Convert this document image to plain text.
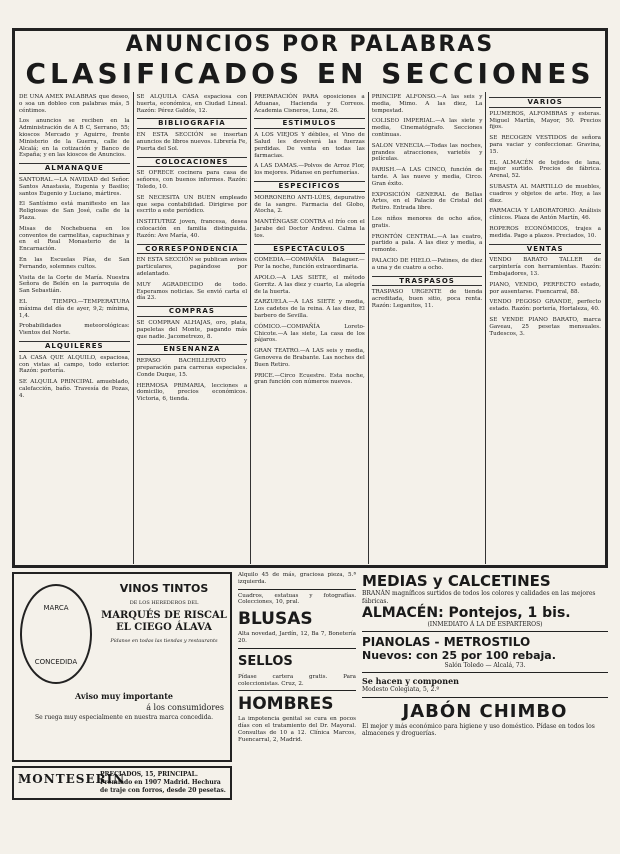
ANUNCIOS POR PALABRAS
CLASIFICADOS EN SECCIONES
DE UNA AMEX PALABRAS que deseo, o soa un dobleo con palabras más, 5 céntimos.
Los anuncios se reciben en la Administración de A B C, Serrano, 55; kioscos Mercado y Aguirre, frente Ministerio de la Guerra, calle de Alcalá; en la cotización y Banco de España; y en las kioscos de Anuncios.
ALMANAQUE
SANTORAL.—LA NAVIDAD del Señor. Santos Anastasia, Eugenia y Basilio; santos Eugenio y Luciano, mártires.
El Santísimo está manifiesto en las Religiosas de San José, calle de la Plaza.
Misas de Nochebuena en los conventos de carmelitas, capuchinas y en el Real Monasterio de la Encarnación.
En las Escuelas Pías, de San Fernando, solemnes cultos.
Visita de la Corte de María. Nuestra Señora de Belén en la parroquia de San Sebastián.
EL TIEMPO.—TEMPERATURA máxima del día de ayer, 9,2; mínima, 1,4.
Probabilidades meteorológicas: Vientos del Norte.
ALQUILERES
LA CASA QUE ALQUILO, espaciosa, con vistas al campo, todo exterior. Razón: portería.
SE ALQUILA PRINCIPAL amueblado, calefacción, baño. Travesía de Pozas, 4.
SE ALQUILA CASA espaciosa con huerta, económica, en Ciudad Lineal. Razón: Pérez Galdós, 12.
BIBLIOGRAFÍA
EN ESTA SECCIÓN se insertan anuncios de libros nuevos. Librería Fe, Puerta del Sol.
COLOCACIONES
SE OFRECE cocinera para casa de señores, con buenos informes. Razón: Toledo, 10.
SE NECESITA UN BUEN empleado que sepa contabilidad. Dirigirse por escrito a este periódico.
INSTITUTRIZ joven, francesa, desea colocación en familia distinguida. Razón: Ave María, 40.
CORRESPONDENCIA
EN ESTA SECCIÓN se publican avisos particulares, pagándose por adelantado.
MUY AGRADECIDO de todo. Esperamos noticias. Se envió carta el día 23.
COMPRAS
SE COMPRAN ALHAJAS, oro, plata, papeletas del Monte, pagando más que nadie. Jacometrezo, 8.
ENSEÑANZA
REPASO BACHILLERATO y preparación para carreras especiales. Conde Duque, 15.
HERMOSA PRIMARIA, lecciones a domicilio, precios económicos. Victoria, 6, tienda.
PREPARACIÓN PARA oposiciones a Aduanas, Hacienda y Correos. Academia Cisneros, Luna, 26.
ESTÍMULOS
A LOS VIEJOS Y débiles, el Vino de Salud les devolverá las fuerzas perdidas. De venta en todas las farmacias.
A LAS DAMAS.—Polvos de Arroz Flor, los mejores. Pídanse en perfumerías.
ESPECÍFICOS
MORRONERO ANTI-LÚES, depurativo de la sangre. Farmacia del Globo, Atocha, 2.
MANTÉNGASE CONTRA el frío con el Jarabe del Doctor Andreu. Calma la tos.
ESPECTÁCULOS
COMEDIA.—COMPAÑÍA Balaguer.—Por la noche, función extraordinaria.
APOLO.—A LAS SIETE, el método Gorritz. A las diez y cuarto, La alegría de la huerta.
ZARZUELA.—A LAS SIETE y media, Los cadetes de la reina. A las diez, El barbero de Sevilla.
CÓMICO.—COMPAÑÍA Loreto-Chicote.—A las siete, La casa de los pájaros.
GRAN TEATRO.—A LAS seis y media, Genoveva de Brabante. Las noches del Buen Retiro.
PRICE.—Circo Ecuestre. Esta noche, gran función con números nuevos.
PRINCIPE ALFONSO.—A las seis y media, Mimo. A las diez, La tempestad.
COLISEO IMPERIAL.—A las siete y media, Cinematógrafo. Secciones continuas.
SALON VENECIA.—Todas las noches, grandes atracciones, varietés y películas.
PARISH.—A LAS CINCO, función de tarde. A las nueve y media, Circo. Gran éxito.
EXPOSICIÓN GENERAL de Bellas Artes, en el Palacio de Cristal del Retiro. Entrada libre.
Los niños menores de ocho años, gratis.
FRONTÓN CENTRAL.—A las cuatro, partido a pala. A las diez y media, a remonte.
PALACIO DE HIELO.—Patines, de diez a una y de cuatro a ocho.
TRASPASOS
TRASPASO URGENTE de tienda acreditada, buen sitio, poca renta. Razón: Leganitos, 11.
VARIOS
PLUMEROS, ALFOMBRAS y esteras. Miguel Martín, Mayor, 50. Precios fijos.
SE RECOGEN VESTIDOS de señora para vaciar y confeccionar. Gravina, 15.
EL ALMACÉN de tejidos de lana, mejor surtido. Precios de fábrica. Arenal, 52.
SUBASTA AL MARTILLO de muebles, cuadros y objetos de arte. Hoy, a las diez.
FARMACIA Y LABORATORIO. Análisis clínicos. Plaza de Antón Martín, 46.
ROPEROS ECONÓMICOS, trajes a medida. Pago a plazos. Preciados, 10.
VENTAS
VENDO BARATO TALLER de carpintería con herramientas. Razón: Embajadores, 13.
PIANO, VENDO, PERFECTO estado, por ausentarse. Fuencarral, 88.
VENDO PEGOSO GRANDE, perfecto estado. Razón: portería, Hortaleza, 40.
SE VENDE PIANO BARATO, marca Gaveau, 25 pesetas mensuales. Tudescos, 3.
MARCA
CONCEDIDA
VINOS TINTOS
DE LOS HEREDEROS DEL
MARQUÉS DE RISCAL
EL CIEGO ÁLAVA
Pídanse en todas las tiendas y restaurants
Aviso muy importante
á los consumidores
Se ruega muy especialmente en nuestra marca concedida.
MONTESERIN
PRECIADOS, 15, PRINCIPAL. Premiado en 1907 Madrid. Hechura de traje con forros, desde 20 pesetas.
Alquilo 45 de más, graciosa pieza, 5.ª izquierda.
Cuadros, estatuas y fotografías. Colecciones, 10, pral.
BLUSAS
Alta novedad, Jardín, 12, Ba 7, Bonetería 20.
SELLOS
Pídase cartera gratis. Para coleccionistas. Cruz, 2.
HOMBRES
La impotencia genital se cura en pocos días con el tratamiento del Dr. Mayoral. Consultas de 10 a 12. Clínica Marcos, Fuencarral, 2, Madrid.
MEDIAS y CALCETINES
BRANÁN magníficos surtidos de todos los colores y calidades en las mejores fábricas.
ALMACÉN: Pontejos, 1 bis.
(INMEDIATO Á LA DE ESPARTEROS)
PIANOLAS - METROSTILO
Nuevos: con 25 por 100 rebaja.
Salón Toledo — Alcalá, 73.
Se hacen y componen
Modesto Colegiata, 5, 2.º
JABÓN CHIMBO
El mejor y más económico para higiene y uso doméstico. Pídase en todos los almacenes y droguerías.
